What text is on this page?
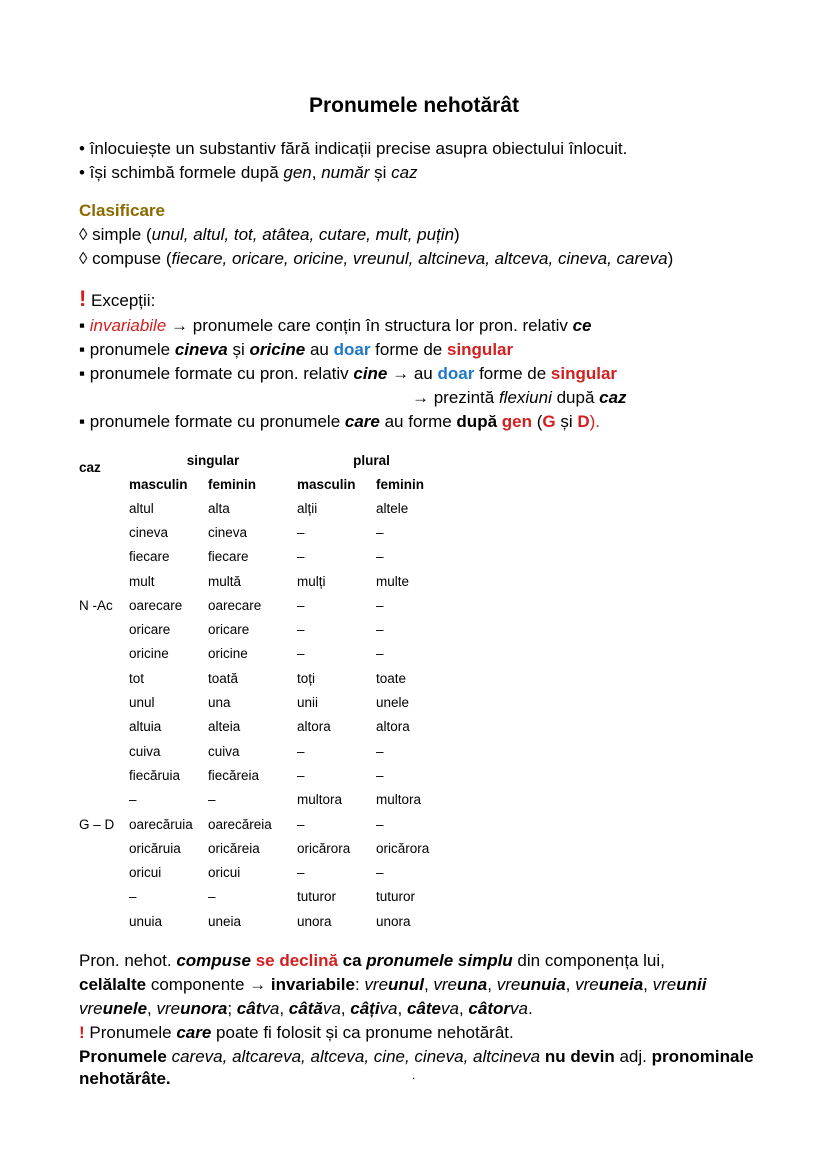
Pronumele nehotărât
• înlocuiește un substantiv fără indicații precise asupra obiectului înlocuit.
• își schimbă formele după gen, număr și caz
Clasificare
◊ simple (unul, altul, tot, atâtea, cutare, mult, puțin)
◊ compuse (fiecare, oricare, oricine, vreunul, altcineva, altceva, cineva, careva)
! Excepții:
▪ invariabile → pronumele care conțin în structura lor pron. relativ ce
▪ pronumele cineva și oricine au doar forme de singular
▪ pronumele formate cu pron. relativ cine → au doar forme de singular
→ prezintă flexiuni după caz
▪ pronumele formate cu pronumele care au forme după gen (G și D).
caz	singular		plural	
	masculin	feminin	masculin	feminin
	altul	alta	alții	altele
	cineva	cineva	–	–
	fiecare	fiecare	–	–
	mult	multă	mulți	multe
N -Ac	oarecare	oarecare	–	–
	oricare	oricare	–	–
	oricine	oricine	–	–
	tot	toată	toți	toate
	unul	una	unii	unele
	altuia	alteia	altora	altora
	cuiva	cuiva	–	–
	fiecăruia	fiecăreia	–	–
	–	–	multora	multora
G – D	oarecăruia	oarecăreia	–	–
	oricăruia	oricăreia	oricărora	oricărora
	oricui	oricui	–	–
	–	–	tuturor	tuturor
	unuia	uneia	unora	unora
Pron. nehot. compuse se declină ca pronumele simplu din componența lui,
celălalte componente → invariabile: vreunul, vreuna, vreunuia, vreuneia, vreunii
vreunele, vreunora; câtva, câtăva, câțiva, câteva, câtorva.
! Pronumele care poate fi folosit și ca pronume nehotărât.
Pronumele careva, altcareva, altceva, cine, cineva, altcineva nu devin adj. pronominale nehotărâte.	.
